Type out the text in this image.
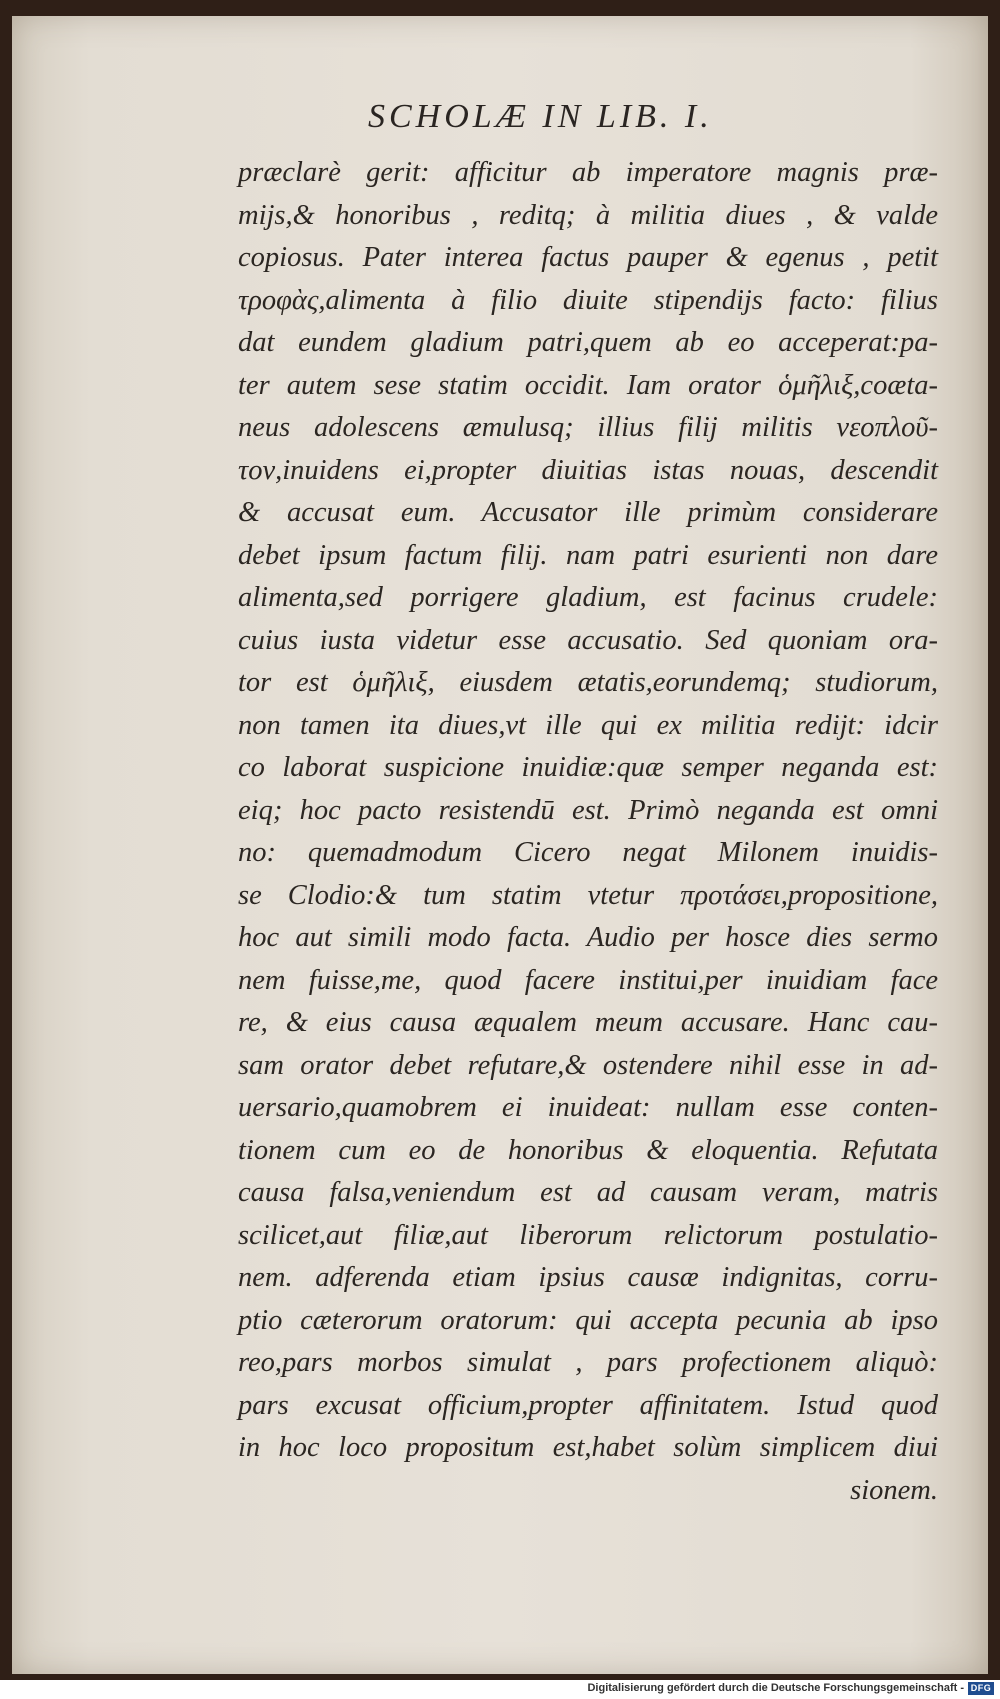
SCHOLÆ IN LIB. I.
præclarè gerit: afficitur ab imperatore magnis præ-
mijs,& honoribus , reditq; à militia diues , & valde
copiosus. Pater interea factus pauper & egenus , petit
τροφὰς,alimenta à filio diuite stipendijs facto: filius
dat eundem gladium patri,quem ab eo acceperat:pa-
ter autem sese statim occidit. Iam orator ὁμῆλιξ,coæta-
neus adolescens æmulusq; illius filij militis νεοπλοῦ-
τον,inuidens ei,propter diuitias istas nouas, descendit
& accusat eum. Accusator ille primùm considerare
debet ipsum factum filij. nam patri esurienti non dare
alimenta,sed porrigere gladium, est facinus crudele:
cuius iusta videtur esse accusatio. Sed quoniam ora-
tor est ὁμῆλιξ, eiusdem ætatis,eorundemq; studiorum,
non tamen ita diues,vt ille qui ex militia redijt: idcir
co laborat suspicione inuidiæ:quæ semper neganda est:
eiq; hoc pacto resistendū est. Primò neganda est omni
no: quemadmodum Cicero negat Milonem inuidis-
se Clodio:& tum statim vtetur προτάσει,propositione,
hoc aut simili modo facta. Audio per hosce dies sermo
nem fuisse,me, quod facere institui,per inuidiam face
re, & eius causa æqualem meum accusare. Hanc cau-
sam orator debet refutare,& ostendere nihil esse in ad-
uersario,quamobrem ei inuideat: nullam esse conten-
tionem cum eo de honoribus & eloquentia. Refutata
causa falsa,veniendum est ad causam veram, matris
scilicet,aut filiæ,aut liberorum relictorum postulatio-
nem. adferenda etiam ipsius causæ indignitas, corru-
ptio cæterorum oratorum: qui accepta pecunia ab ipso
reo,pars morbos simulat , pars profectionem aliquò:
pars excusat officium,propter affinitatem. Istud quod
in hoc loco propositum est,habet solùm simplicem diui
sionem.
Digitalisierung gefördert durch die Deutsche Forschungsgemeinschaft - DFG
